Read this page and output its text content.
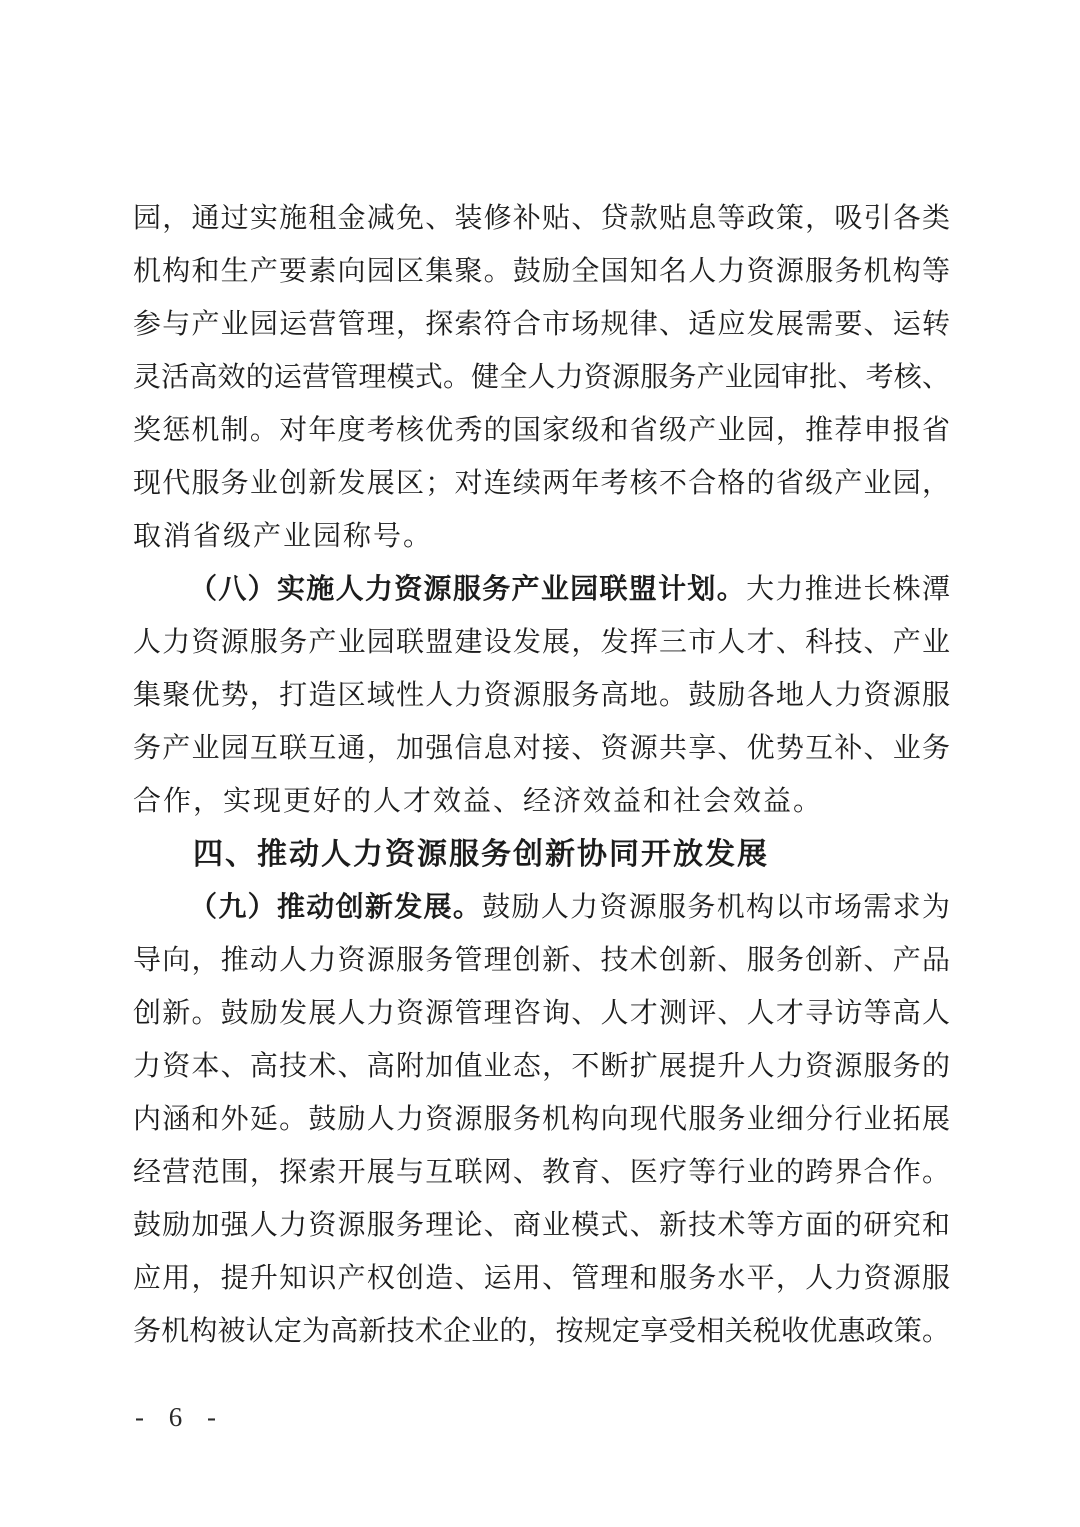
园，通过实施租金减免、装修补贴、贷款贴息等政策，吸引各类
机构和生产要素向园区集聚。鼓励全国知名人力资源服务机构等
参与产业园运营管理，探索符合市场规律、适应发展需要、运转
灵活高效的运营管理模式。健全人力资源服务产业园审批、考核、
奖惩机制。对年度考核优秀的国家级和省级产业园，推荐申报省
现代服务业创新发展区；对连续两年考核不合格的省级产业园，
取消省级产业园称号。
（八）实施人力资源服务产业园联盟计划。大力推进长株潭
人力资源服务产业园联盟建设发展，发挥三市人才、科技、产业
集聚优势，打造区域性人力资源服务高地。鼓励各地人力资源服
务产业园互联互通，加强信息对接、资源共享、优势互补、业务
合作，实现更好的人才效益、经济效益和社会效益。
四、推动人力资源服务创新协同开放发展
（九）推动创新发展。鼓励人力资源服务机构以市场需求为
导向，推动人力资源服务管理创新、技术创新、服务创新、产品
创新。鼓励发展人力资源管理咨询、人才测评、人才寻访等高人
力资本、高技术、高附加值业态，不断扩展提升人力资源服务的
内涵和外延。鼓励人力资源服务机构向现代服务业细分行业拓展
经营范围，探索开展与互联网、教育、医疗等行业的跨界合作。
鼓励加强人力资源服务理论、商业模式、新技术等方面的研究和
应用，提升知识产权创造、运用、管理和服务水平，人力资源服
务机构被认定为高新技术企业的，按规定享受相关税收优惠政策。
- 6 -
